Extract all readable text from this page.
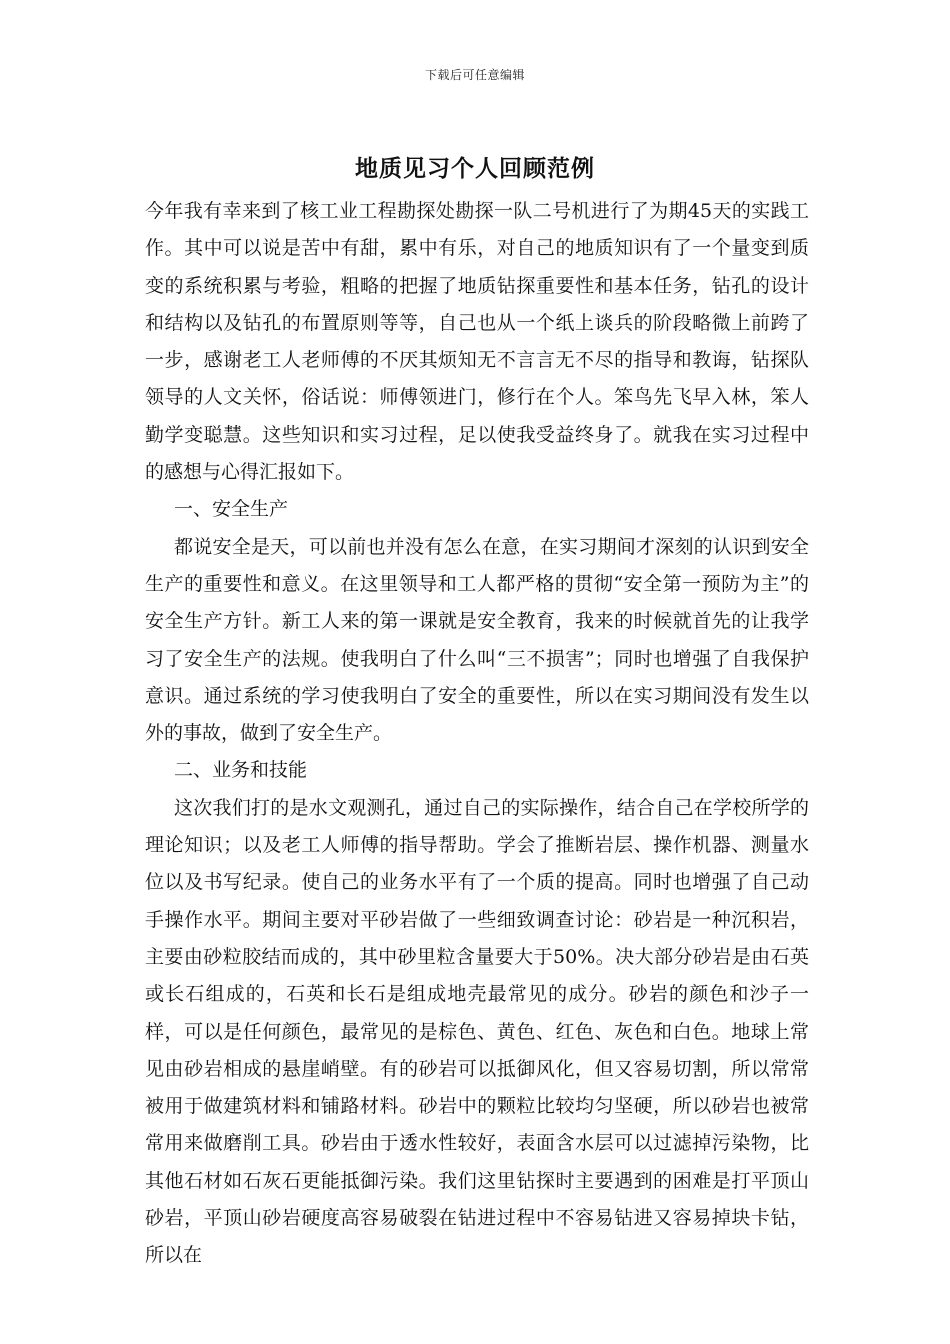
下载后可任意编辑
地质见习个人回顾范例

今年我有幸来到了核工业工程勘探处勘探一队二号机进行了为期45天的实践工作。其中可以说是苦中有甜，累中有乐，对自己的地质知识有了一个量变到质变的系统积累与考验，粗略的把握了地质钻探重要性和基本任务，钻孔的设计和结构以及钻孔的布置原则等等，自己也从一个纸上谈兵的阶段略微上前跨了一步，感谢老工人老师傅的不厌其烦知无不言言无不尽的指导和教诲，钻探队领导的人文关怀，俗话说：师傅领进门，修行在个人。笨鸟先飞早入林，笨人勤学变聪慧。这些知识和实习过程，足以使我受益终身了。就我在实习过程中的感想与心得汇报如下。

一、安全生产

都说安全是天，可以前也并没有怎么在意，在实习期间才深刻的认识到安全生产的重要性和意义。在这里领导和工人都严格的贯彻“安全第一预防为主”的安全生产方针。新工人来的第一课就是安全教育，我来的时候就首先的让我学习了安全生产的法规。使我明白了什么叫“三不损害”；同时也增强了自我保护意识。通过系统的学习使我明白了安全的重要性，所以在实习期间没有发生以外的事故，做到了安全生产。

二、业务和技能

这次我们打的是水文观测孔，通过自己的实际操作，结合自己在学校所学的理论知识；以及老工人师傅的指导帮助。学会了推断岩层、操作机器、测量水位以及书写纪录。使自己的业务水平有了一个质的提高。同时也增强了自己动手操作水平。期间主要对平砂岩做了一些细致调查讨论：砂岩是一种沉积岩，主要由砂粒胶结而成的，其中砂里粒含量要大于50%。决大部分砂岩是由石英或长石组成的，石英和长石是组成地壳最常见的成分。砂岩的颜色和沙子一样，可以是任何颜色，最常见的是棕色、黄色、红色、灰色和白色。地球上常见由砂岩相成的悬崖峭壁。有的砂岩可以抵御风化，但又容易切割，所以常常被用于做建筑材料和铺路材料。砂岩中的颗粒比较均匀坚硬，所以砂岩也被常常用来做磨削工具。砂岩由于透水性较好，表面含水层可以过滤掉污染物，比其他石材如石灰石更能抵御污染。我们这里钻探时主要遇到的困难是打平顶山砂岩，平顶山砂岩硬度高容易破裂在钻进过程中不容易钻进又容易掉块卡钻，所以在
